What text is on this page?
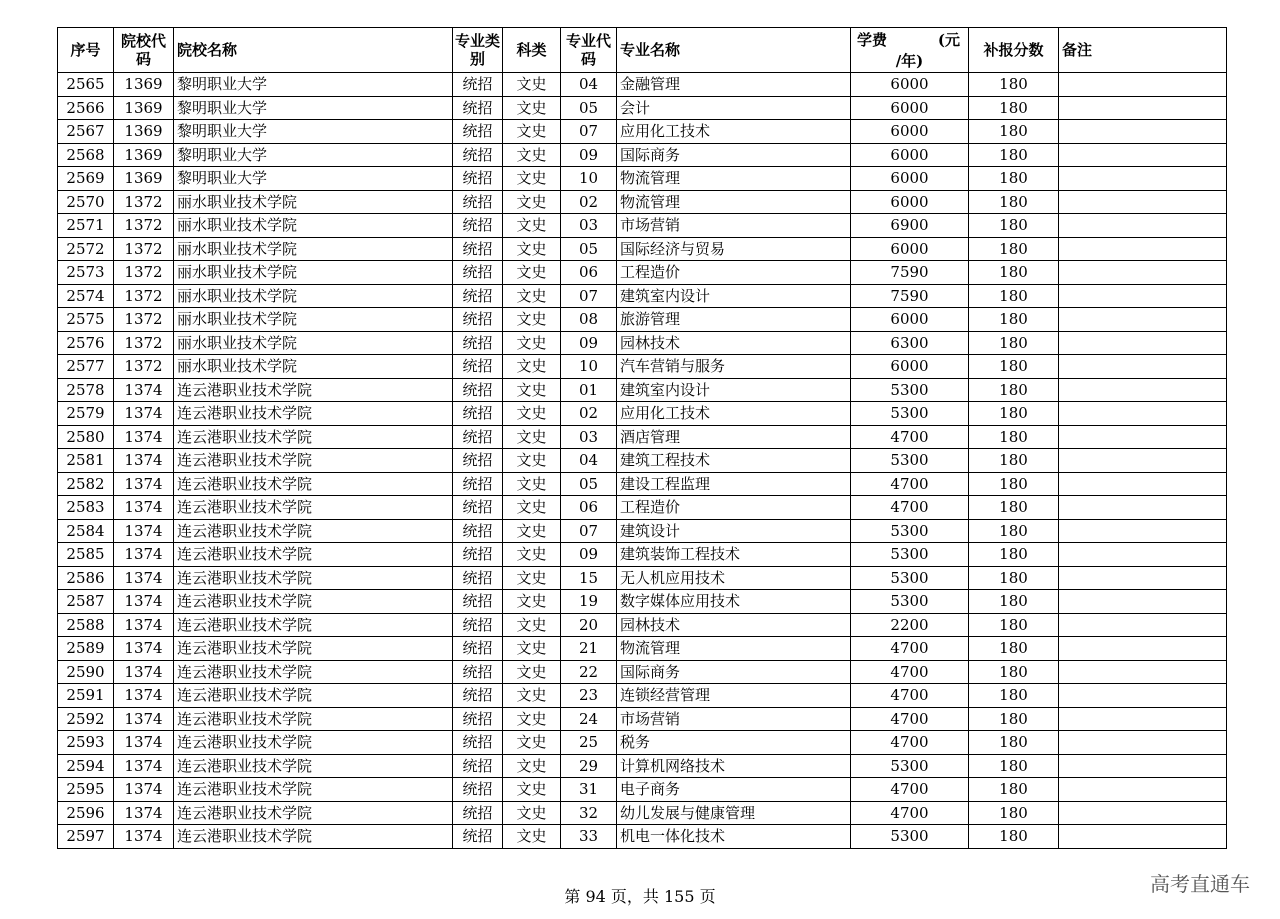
序号	院校代码	院校名称	专业类别	科类	专业代码	专业名称	学费 (元
/年)	补报分数	备注
2565	1369	黎明职业大学	统招	文史	04	金融管理	6000	180	
2566	1369	黎明职业大学	统招	文史	05	会计	6000	180	
2567	1369	黎明职业大学	统招	文史	07	应用化工技术	6000	180	
2568	1369	黎明职业大学	统招	文史	09	国际商务	6000	180	
2569	1369	黎明职业大学	统招	文史	10	物流管理	6000	180	
2570	1372	丽水职业技术学院	统招	文史	02	物流管理	6000	180	
2571	1372	丽水职业技术学院	统招	文史	03	市场营销	6900	180	
2572	1372	丽水职业技术学院	统招	文史	05	国际经济与贸易	6000	180	
2573	1372	丽水职业技术学院	统招	文史	06	工程造价	7590	180	
2574	1372	丽水职业技术学院	统招	文史	07	建筑室内设计	7590	180	
2575	1372	丽水职业技术学院	统招	文史	08	旅游管理	6000	180	
2576	1372	丽水职业技术学院	统招	文史	09	园林技术	6300	180	
2577	1372	丽水职业技术学院	统招	文史	10	汽车营销与服务	6000	180	
2578	1374	连云港职业技术学院	统招	文史	01	建筑室内设计	5300	180	
2579	1374	连云港职业技术学院	统招	文史	02	应用化工技术	5300	180	
2580	1374	连云港职业技术学院	统招	文史	03	酒店管理	4700	180	
2581	1374	连云港职业技术学院	统招	文史	04	建筑工程技术	5300	180	
2582	1374	连云港职业技术学院	统招	文史	05	建设工程监理	4700	180	
2583	1374	连云港职业技术学院	统招	文史	06	工程造价	4700	180	
2584	1374	连云港职业技术学院	统招	文史	07	建筑设计	5300	180	
2585	1374	连云港职业技术学院	统招	文史	09	建筑装饰工程技术	5300	180	
2586	1374	连云港职业技术学院	统招	文史	15	无人机应用技术	5300	180	
2587	1374	连云港职业技术学院	统招	文史	19	数字媒体应用技术	5300	180	
2588	1374	连云港职业技术学院	统招	文史	20	园林技术	2200	180	
2589	1374	连云港职业技术学院	统招	文史	21	物流管理	4700	180	
2590	1374	连云港职业技术学院	统招	文史	22	国际商务	4700	180	
2591	1374	连云港职业技术学院	统招	文史	23	连锁经营管理	4700	180	
2592	1374	连云港职业技术学院	统招	文史	24	市场营销	4700	180	
2593	1374	连云港职业技术学院	统招	文史	25	税务	4700	180	
2594	1374	连云港职业技术学院	统招	文史	29	计算机网络技术	5300	180	
2595	1374	连云港职业技术学院	统招	文史	31	电子商务	4700	180	
2596	1374	连云港职业技术学院	统招	文史	32	幼儿发展与健康管理	4700	180	
2597	1374	连云港职业技术学院	统招	文史	33	机电一体化技术	5300	180	
第 94 页，共 155 页
高考直通车
